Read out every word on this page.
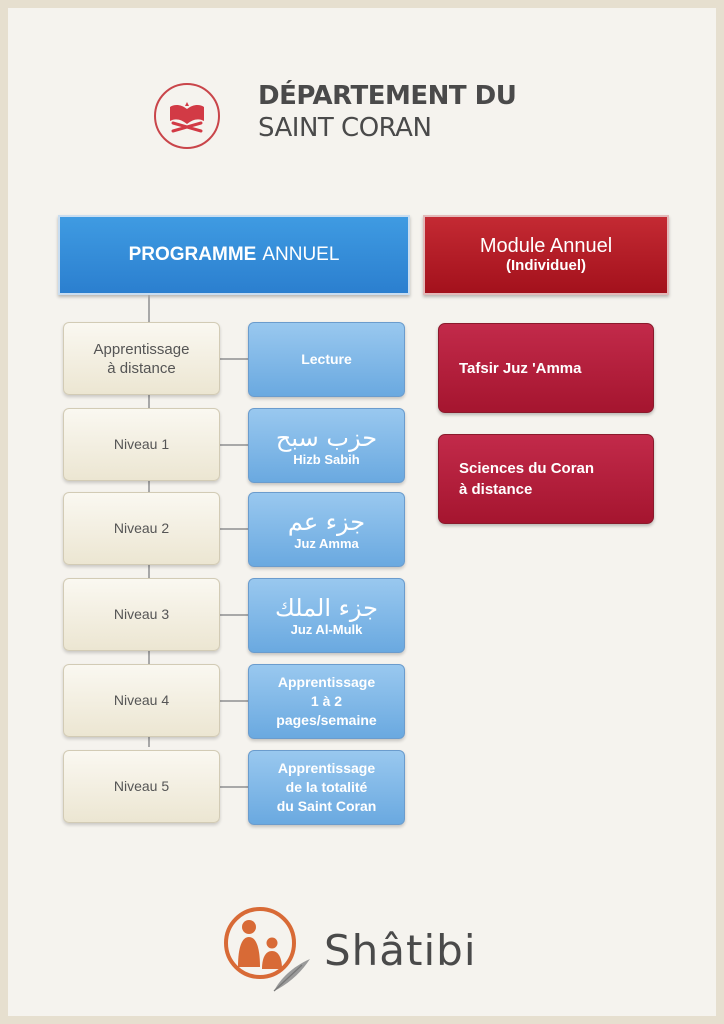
DÉPARTEMENT DU
SAINT CORAN
PROGRAMME ANNUEL	Module Annuel
(Individuel)
Apprentissage
à distance
Niveau 1
Niveau 2
Niveau 3
Niveau 4
Niveau 5
Lecture
حزب سبح
Hizb Sabih
جزء عم
Juz Amma
جزء الملك
Juz Al-Mulk
Apprentissage
1 à 2
pages/semaine
Apprentissage
de la totalité
du Saint Coran
Tafsir Juz 'Amma
Sciences du Coran
à distance
Shâtibi
